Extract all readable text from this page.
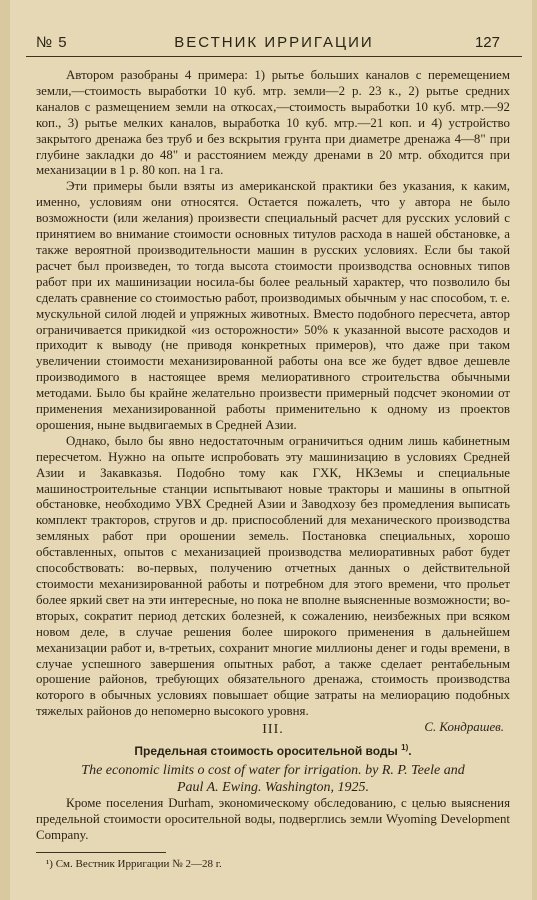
№ 5	ВЕСТНИК ИРРИГАЦИИ	127

Автором разобраны 4 примера: 1) рытье больших каналов с перемещением земли,—стоимость выработки 10 куб. мтр. земли—2 р. 23 к., 2) рытье средних каналов с размещением земли на откосах,—стоимость выработки 10 куб. мтр.—92 коп., 3) рытье мелких каналов, выработка 10 куб. мтр.—21 коп. и 4) устройство закрытого дренажа без труб и без вскрытия грунта при диаметре дренажа 4—8" при глубине закладки до 48" и расстоянием между дренами в 20 мтр. обходится при механизации в 1 р. 80 коп. на 1 га.

Эти примеры были взяты из американской практики без указания, к каким, именно, условиям они относятся. Остается пожалеть, что у автора не было возможности (или желания) произвести специальный расчет для русских условий с принятием во внимание стоимости основных титулов расхода в нашей обстановке, а также вероятной производительности машин в русских условиях. Если бы такой расчет был произведен, то тогда высота стоимости производства основных типов работ при их машинизации носила-бы более реальный характер, что позволило бы сделать сравнение со стоимостью работ, производимых обычным у нас способом, т. е. мускульной силой людей и упряжных животных. Вместо подобного пересчета, автор ограничивается прикидкой «из осторожности» 50% к указанной высоте расходов и приходит к выводу (не приводя конкретных примеров), что даже при таком увеличении стоимости механизированной работы она все же будет вдвое дешевле производимого в настоящее время мелиоративного строительства обычными методами. Было бы крайне желательно произвести примерный подсчет экономии от применения механизированной работы применительно к одному из проектов орошения, ныне выдвигаемых в Средней Азии.

Однако, было бы явно недостаточным ограничиться одним лишь кабинетным пересчетом. Нужно на опыте испробовать эту машинизацию в условиях Средней Азии и Закавказья. Подобно тому как ГХК, НКЗемы и специальные машиностроительные станции испытывают новые тракторы и машины в опытной обстановке, необходимо УВХ Средней Азии и Заводхозу без промедления выписать комплект тракторов, стругов и др. приспособлений для механического производства земляных работ при орошении земель. Постановка специальных, хорошо обставленных, опытов с механизацией производства мелиоративных работ будет способствовать: во-первых, получению отчетных данных о действительной стоимости механизированной работы и потребном для этого времени, что прольет более яркий свет на эти интересные, но пока не вполне выясненные возможности; во-вторых, сократит период детских болезней, к сожалению, неизбежных при всяком новом деле, в случае решения более широкого применения в дальнейшем механизации работ и, в-третьих, сохранит многие миллионы денег и годы времени, в случае успешного завершения опытных работ, а также сделает рентабельным орошение районов, требующих обязательного дренажа, стоимость производства которого в обычных условиях повышает общие затраты на мелиорацию подобных тяжелых районов до непомерно высокого уровня.

С. Кондрашев.
III.
Предельная стоимость оросительной воды $^{1)}$.
The economic limits o cost of water for irrigation. by R. P. Teele and
Paul A. Ewing. Washington, 1925.

Кроме поселения Durham, экономическому обследованию, с целью выяснения предельной стоимости оросительной воды, подверглись земли Wyoming Development Company.

¹) См. Вестник Ирригации № 2—28 г.
